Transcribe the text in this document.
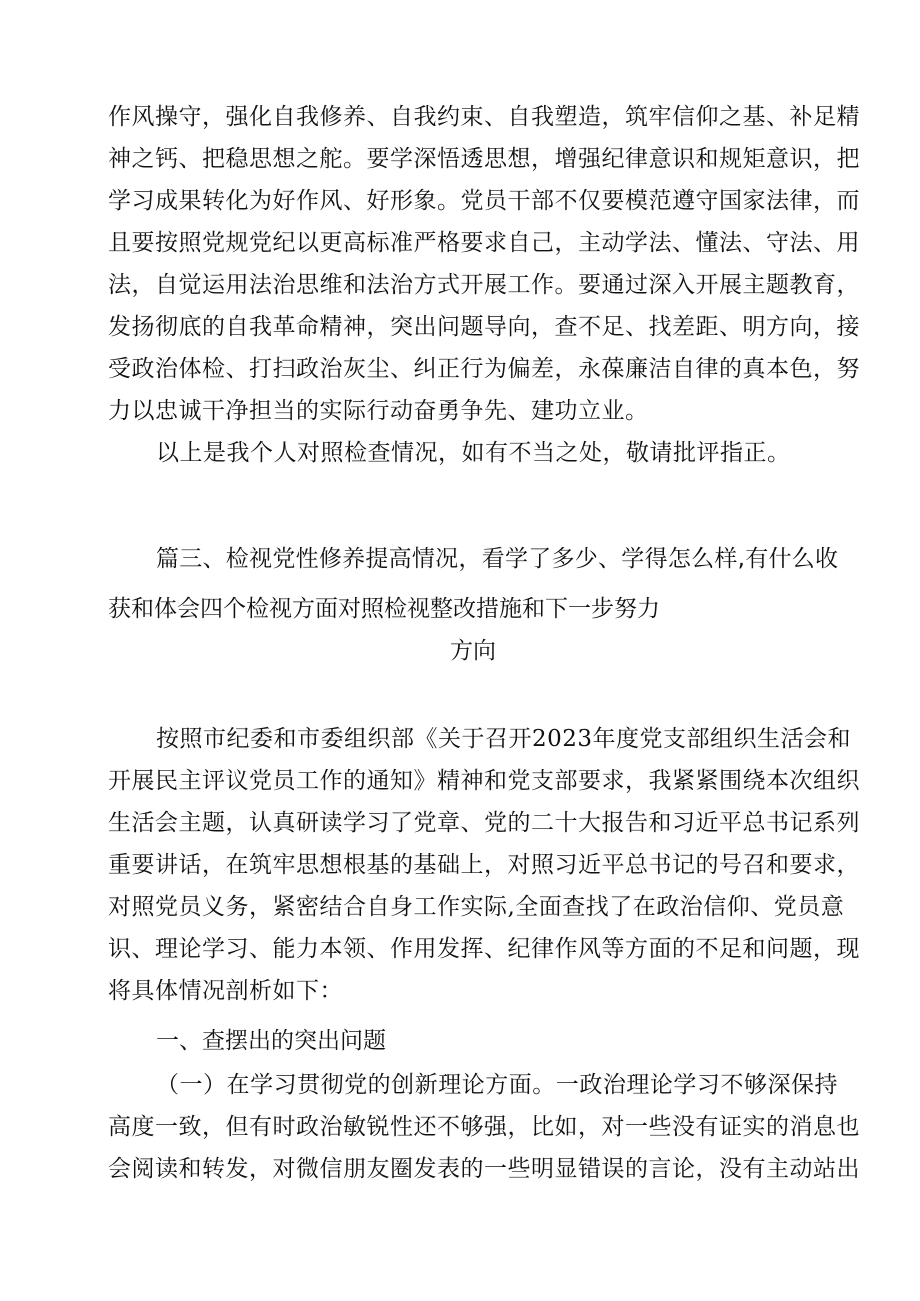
作风操守，强化自我修养、自我约束、自我塑造，筑牢信仰之基、补足精
神之钙、把稳思想之舵。要学深悟透思想，增强纪律意识和规矩意识，把
学习成果转化为好作风、好形象。党员干部不仅要模范遵守国家法律，而
且要按照党规党纪以更高标准严格要求自己，主动学法、懂法、守法、用
法，自觉运用法治思维和法治方式开展工作。要通过深入开展主题教育，
发扬彻底的自我革命精神，突出问题导向，查不足、找差距、明方向，接
受政治体检、打扫政治灰尘、纠正行为偏差，永葆廉洁自律的真本色，努
力以忠诚干净担当的实际行动奋勇争先、建功立业。
以上是我个人对照检查情况，如有不当之处，敬请批评指正。
篇三、检视党性修养提高情况，看学了多少、学得怎么样,有什么收
获和体会四个检视方面对照检视整改措施和下一步努力
方向
按照市纪委和市委组织部《关于召开2023年度党支部组织生活会和
开展民主评议党员工作的通知》精神和党支部要求，我紧紧围绕本次组织
生活会主题，认真研读学习了党章、党的二十大报告和习近平总书记系列
重要讲话，在筑牢思想根基的基础上，对照习近平总书记的号召和要求，
对照党员义务，紧密结合自身工作实际,全面查找了在政治信仰、党员意
识、理论学习、能力本领、作用发挥、纪律作风等方面的不足和问题，现
将具体情况剖析如下：
一、查摆出的突出问题
（一）在学习贯彻党的创新理论方面。一政治理论学习不够深保持
高度一致，但有时政治敏锐性还不够强，比如，对一些没有证实的消息也
会阅读和转发，对微信朋友圈发表的一些明显错误的言论，没有主动站出
